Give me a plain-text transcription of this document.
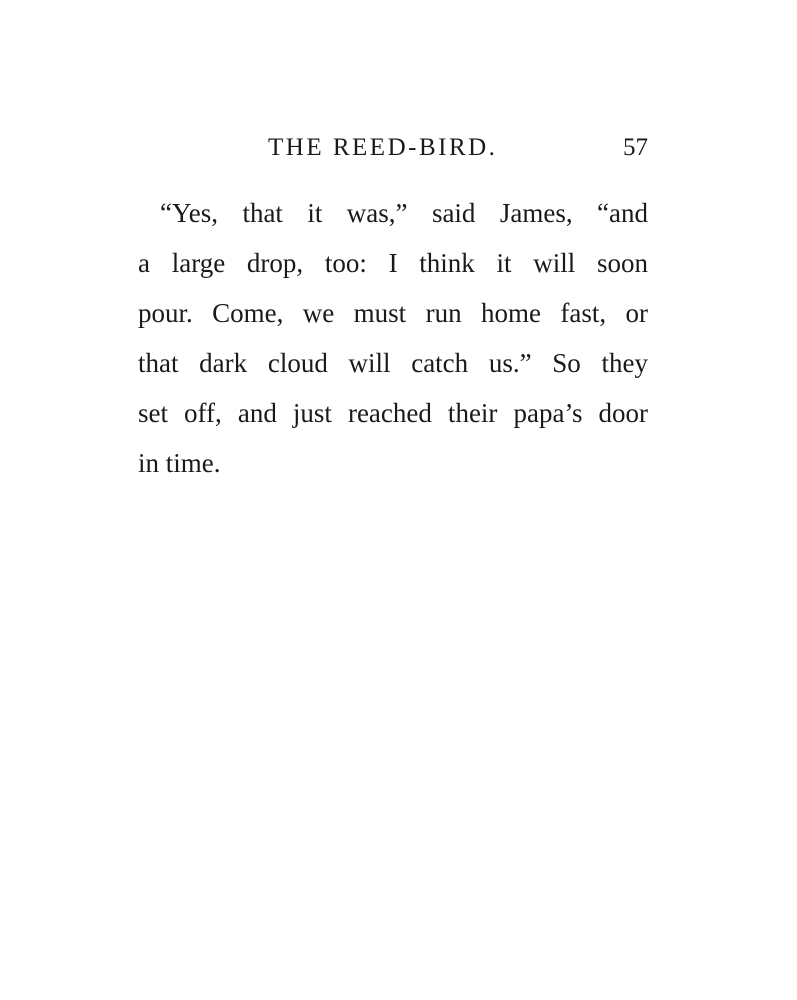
THE REED-BIRD.	57
“Yes, that it was,” said James, “and
a large drop, too: I think it will soon
pour. Come, we must run home fast, or
that dark cloud will catch us.” So they
set off, and just reached their papa’s door
in time.
